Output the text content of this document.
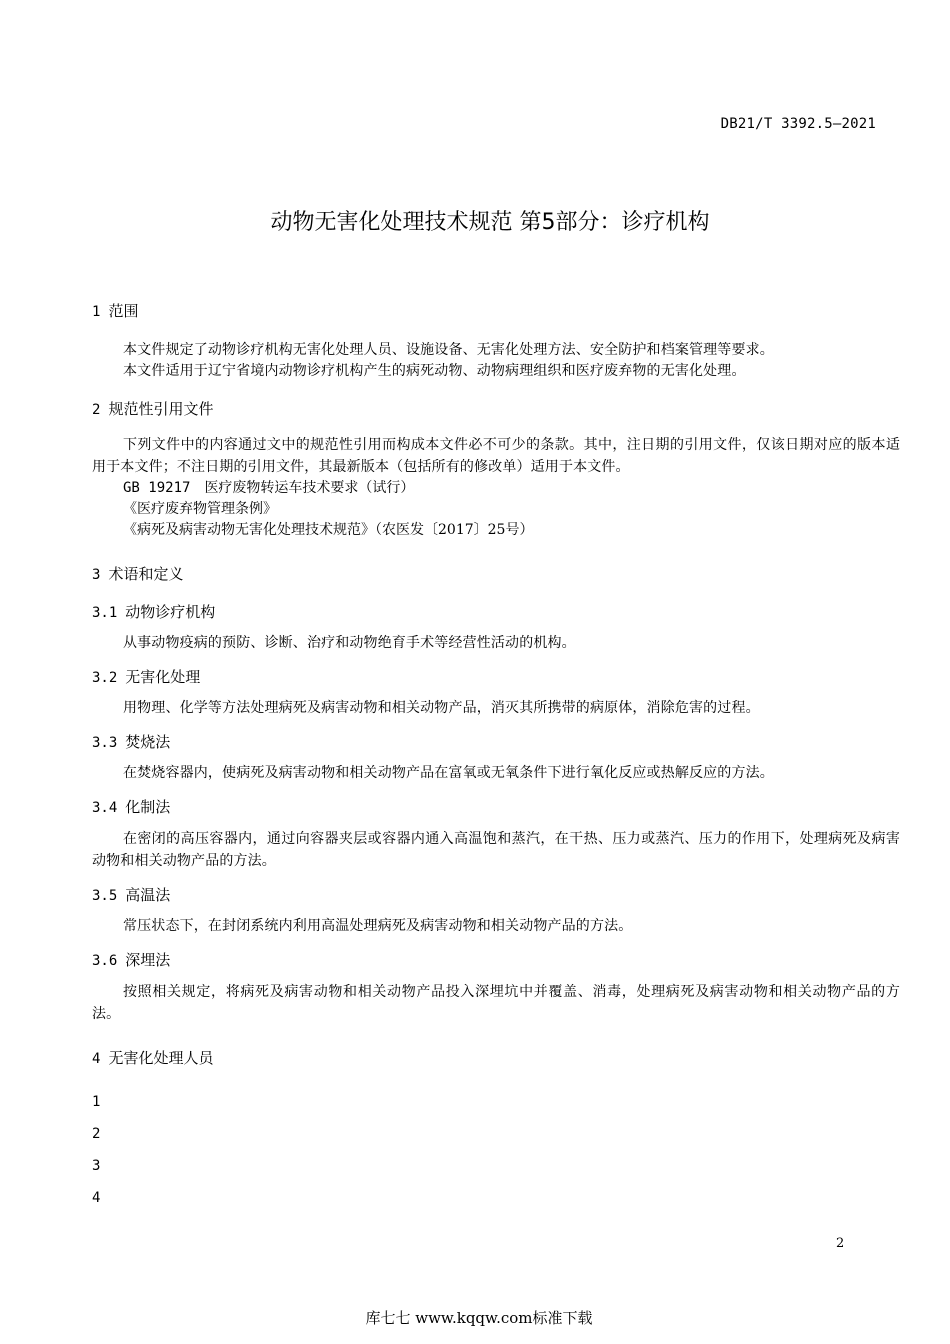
DB21/T 3392.5—2021
动物无害化处理技术规范 第5部分：诊疗机构
1 范围

本文件规定了动物诊疗机构无害化处理人员、设施设备、无害化处理方法、安全防护和档案管理等要求。

本文件适用于辽宁省境内动物诊疗机构产生的病死动物、动物病理组织和医疗废弃物的无害化处理。

2 规范性引用文件

下列文件中的内容通过文中的规范性引用而构成本文件必不可少的条款。其中，注日期的引用文件，仅该日期对应的版本适用于本文件；不注日期的引用文件，其最新版本（包括所有的修改单）适用于本文件。

GB 19217 医疗废物转运车技术要求（试行）

《医疗废弃物管理条例》

《病死及病害动物无害化处理技术规范》（农医发〔2017〕25号）

3 术语和定义
3.1 动物诊疗机构

从事动物疫病的预防、诊断、治疗和动物绝育手术等经营性活动的机构。

3.2 无害化处理

用物理、化学等方法处理病死及病害动物和相关动物产品，消灭其所携带的病原体，消除危害的过程。

3.3 焚烧法

在焚烧容器内，使病死及病害动物和相关动物产品在富氧或无氧条件下进行氧化反应或热解反应的方法。

3.4 化制法

在密闭的高压容器内，通过向容器夹层或容器内通入高温饱和蒸汽，在干热、压力或蒸汽、压力的作用下，处理病死及病害动物和相关动物产品的方法。

3.5 高温法

常压状态下，在封闭系统内利用高温处理病死及病害动物和相关动物产品的方法。

3.6 深埋法

按照相关规定，将病死及病害动物和相关动物产品投入深埋坑中并覆盖、消毒，处理病死及病害动物和相关动物产品的方法。

4 无害化处理人员
1
2
3
4
2
库七七 www.kqqw.com标准下载
